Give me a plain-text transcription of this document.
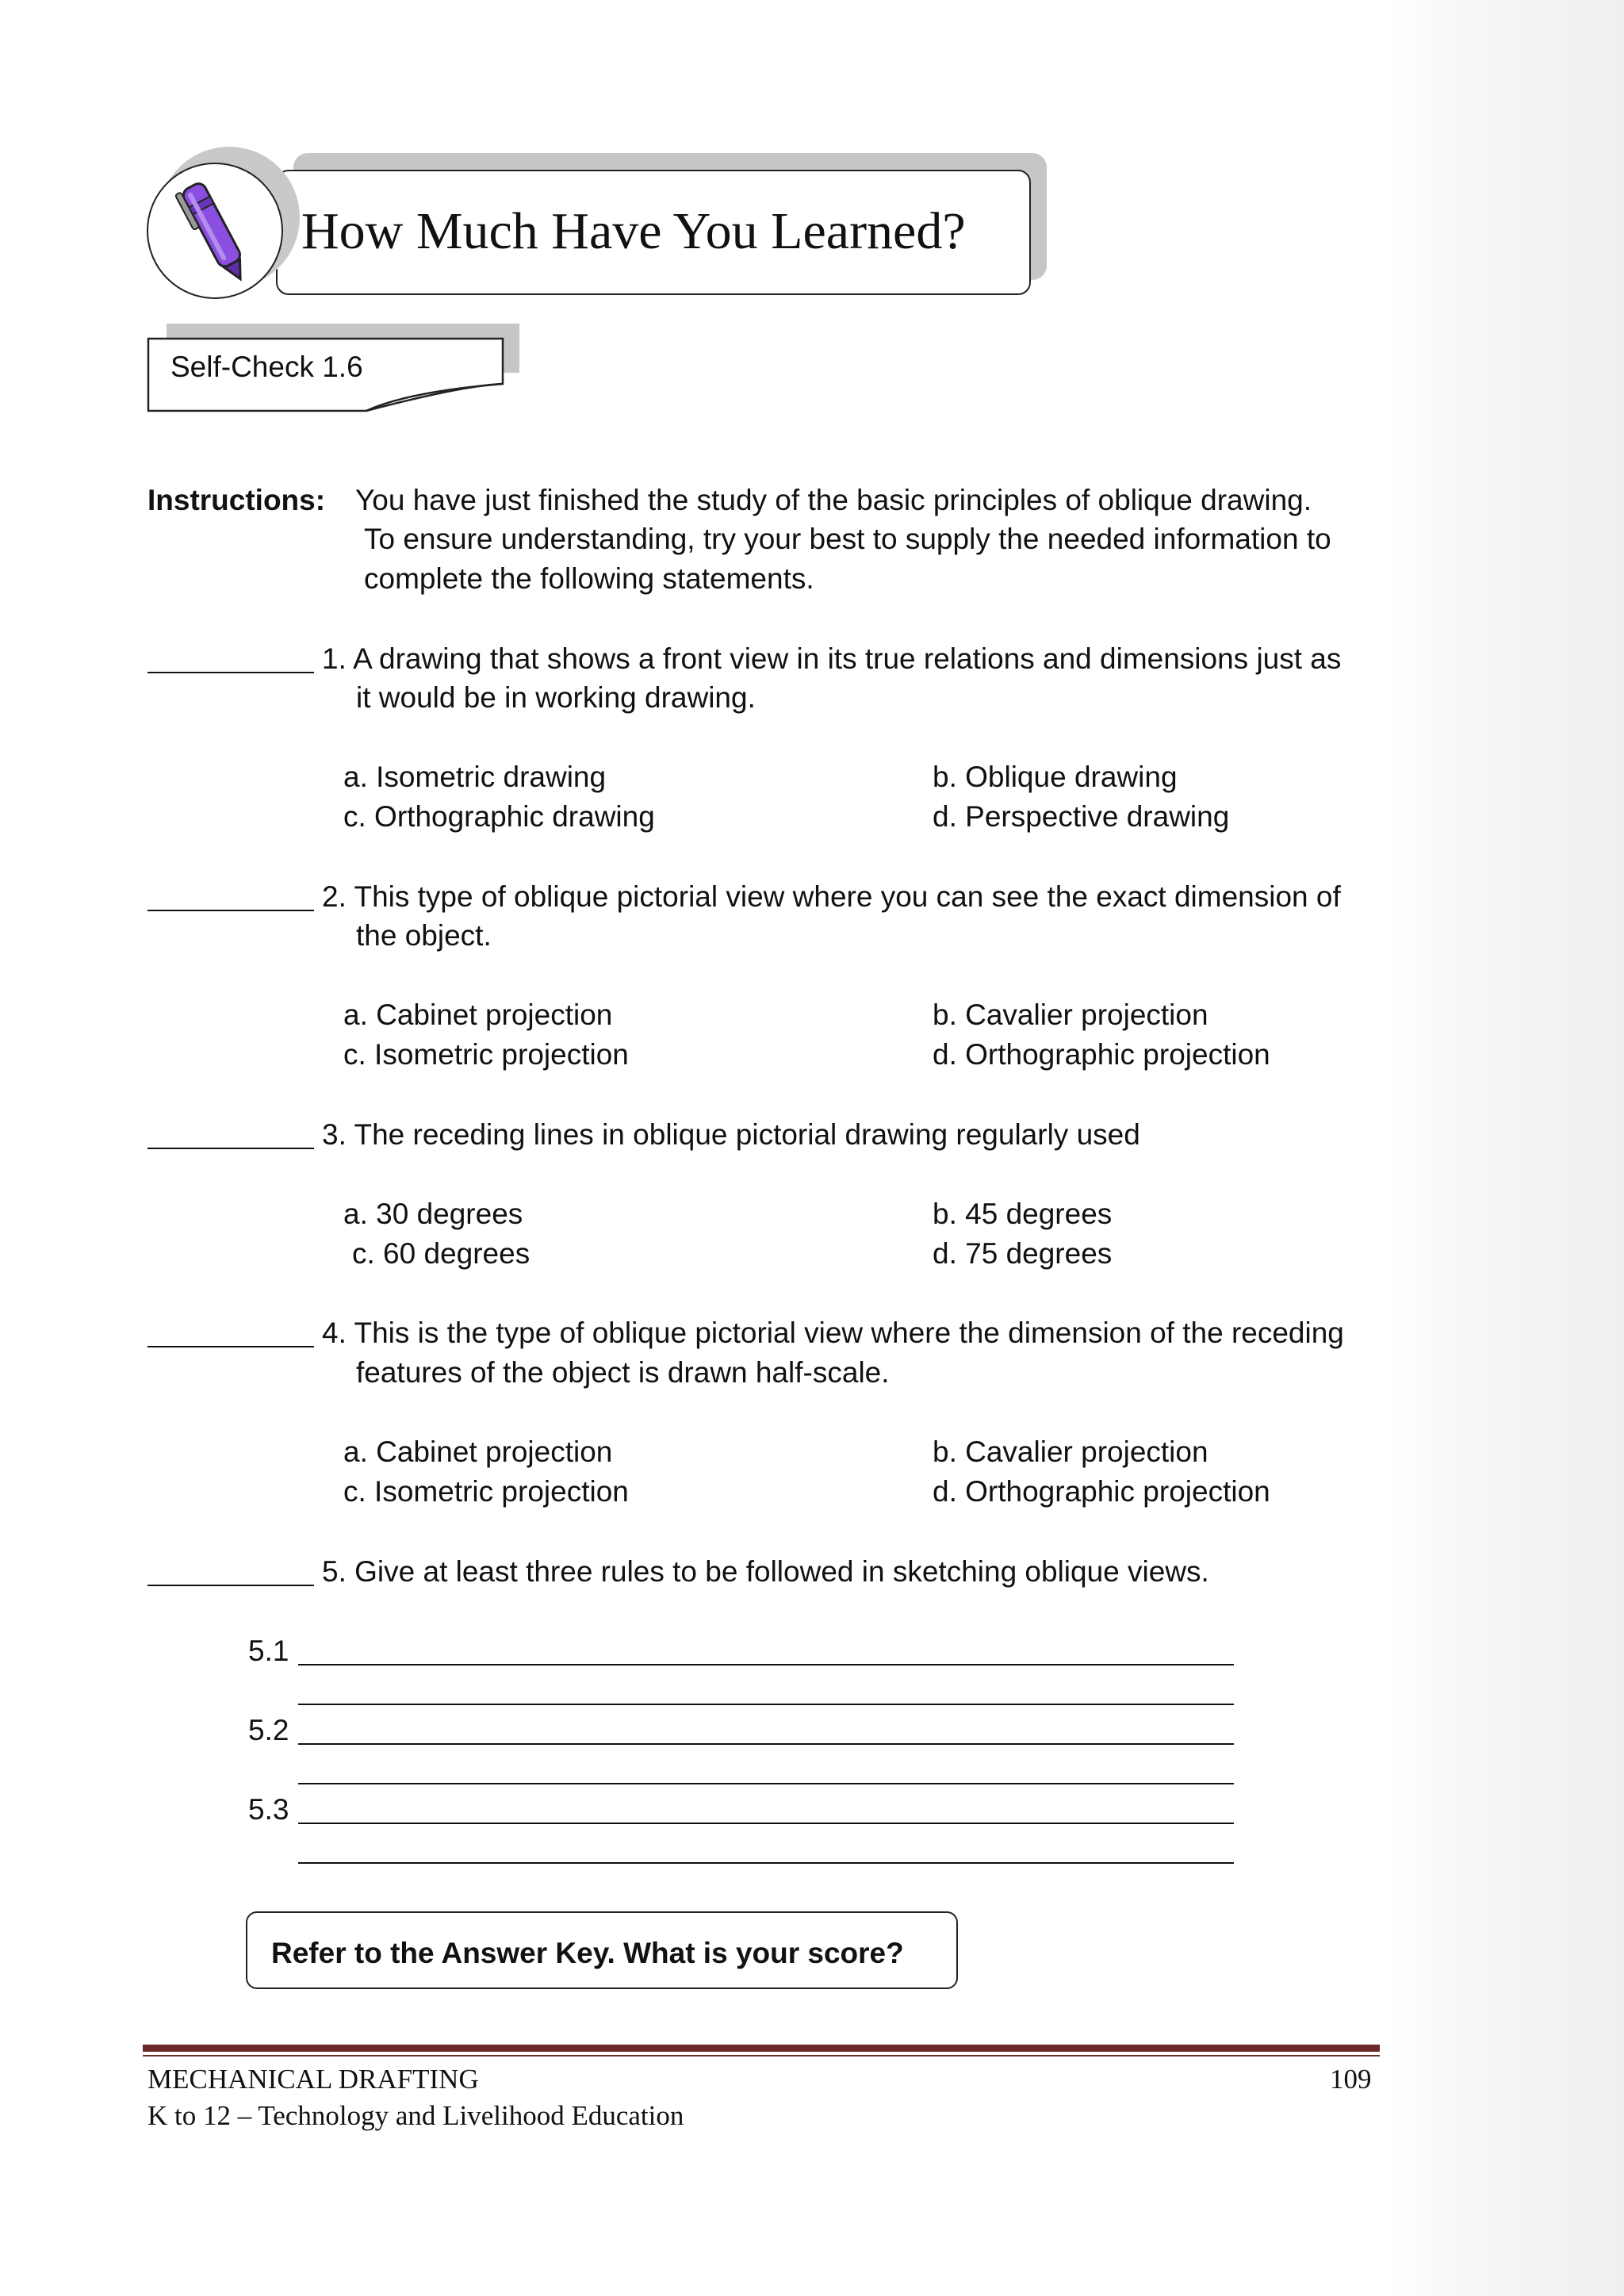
How Much Have You Learned?
Self-Check 1.6
Instructions: You have just finished the study of the basic principles of oblique drawing.
To ensure understanding, try your best to supply the needed information to
complete the following statements.
1. A drawing that shows a front view in its true relations and dimensions just as
it would be in working drawing.
a. Isometric drawing	b. Oblique drawing
c. Orthographic drawing	d. Perspective drawing
2. This type of oblique pictorial view where you can see the exact dimension of
the object.
a. Cabinet projection	b. Cavalier projection
c. Isometric projection	d. Orthographic projection
3. The receding lines in oblique pictorial drawing regularly used
a. 30 degrees	b. 45 degrees
c. 60 degrees	d. 75 degrees
4. This is the type of oblique pictorial view where the dimension of the receding
features of the object is drawn half-scale.
a. Cabinet projection	b. Cavalier projection
c. Isometric projection	d. Orthographic projection
5. Give at least three rules to be followed in sketching oblique views.
5.1
5.2
5.3
Refer to the Answer Key. What is your score?
MECHANICAL DRAFTING	109
K to 12 – Technology and Livelihood Education
